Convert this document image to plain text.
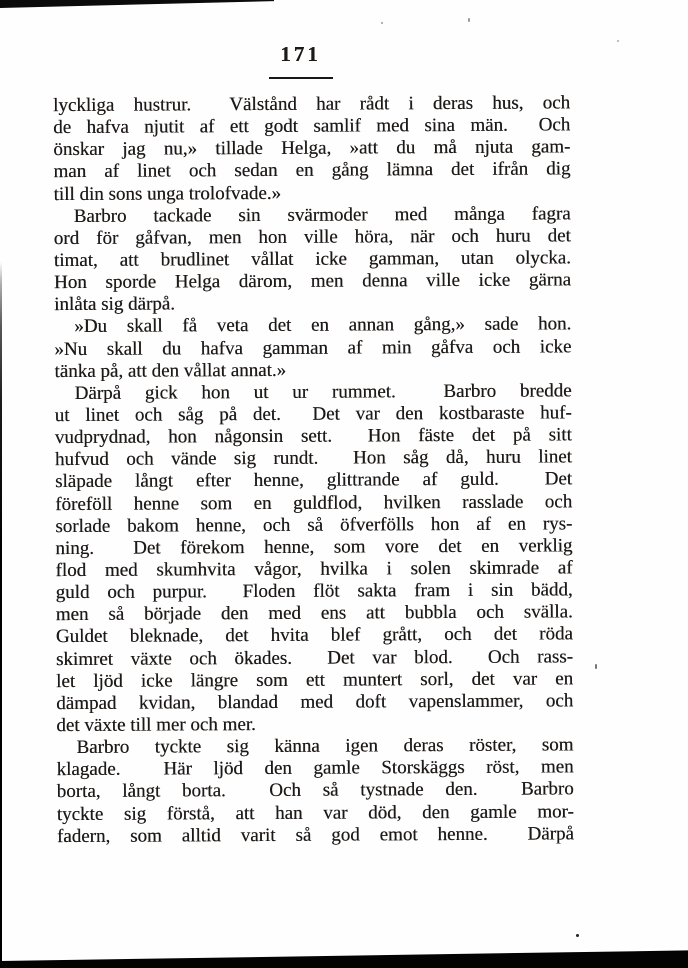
171
lyckliga hustrur.  Välstånd har rådt i deras hus, och
de hafva njutit af ett godt samlif med sina män.  Och
önskar jag nu,» tillade Helga, »att du må njuta gam-
man af linet och sedan en gång lämna det ifrån dig
till din sons unga trolofvade.»
Barbro tackade sin svärmoder med många fagra
ord för gåfvan, men hon ville höra, när och huru det
timat, att brudlinet vållat icke gamman, utan olycka.
Hon sporde Helga därom, men denna ville icke gärna
inlåta sig därpå.
»Du skall få veta det en annan gång,» sade hon.
»Nu skall du hafva gamman af min gåfva och icke
tänka på, att den vållat annat.»
Därpå gick hon ut ur rummet.  Barbro bredde
ut linet och såg på det.  Det var den kostbaraste huf-
vudprydnad, hon någonsin sett.  Hon fäste det på sitt
hufvud och vände sig rundt.  Hon såg då, huru linet
släpade långt efter henne, glittrande af guld.  Det
föreföll henne som en guldflod, hvilken rasslade och
sorlade bakom henne, och så öfverfölls hon af en rys-
ning.  Det förekom henne, som vore det en verklig
flod med skumhvita vågor, hvilka i solen skimrade af
guld och purpur.  Floden flöt sakta fram i sin bädd,
men så började den med ens att bubbla och svälla.
Guldet bleknade, det hvita blef grått, och det röda
skimret växte och ökades.  Det var blod.  Och rass-
let ljöd icke längre som ett muntert sorl, det var en
dämpad kvidan, blandad med doft vapenslammer, och
det växte till mer och mer.
Barbro tyckte sig känna igen deras röster, som
klagade.  Här ljöd den gamle Storskäggs röst, men
borta, långt borta.  Och så tystnade den.  Barbro
tyckte sig förstå, att han var död, den gamle mor-
fadern, som alltid varit så god emot henne.  Därpå
